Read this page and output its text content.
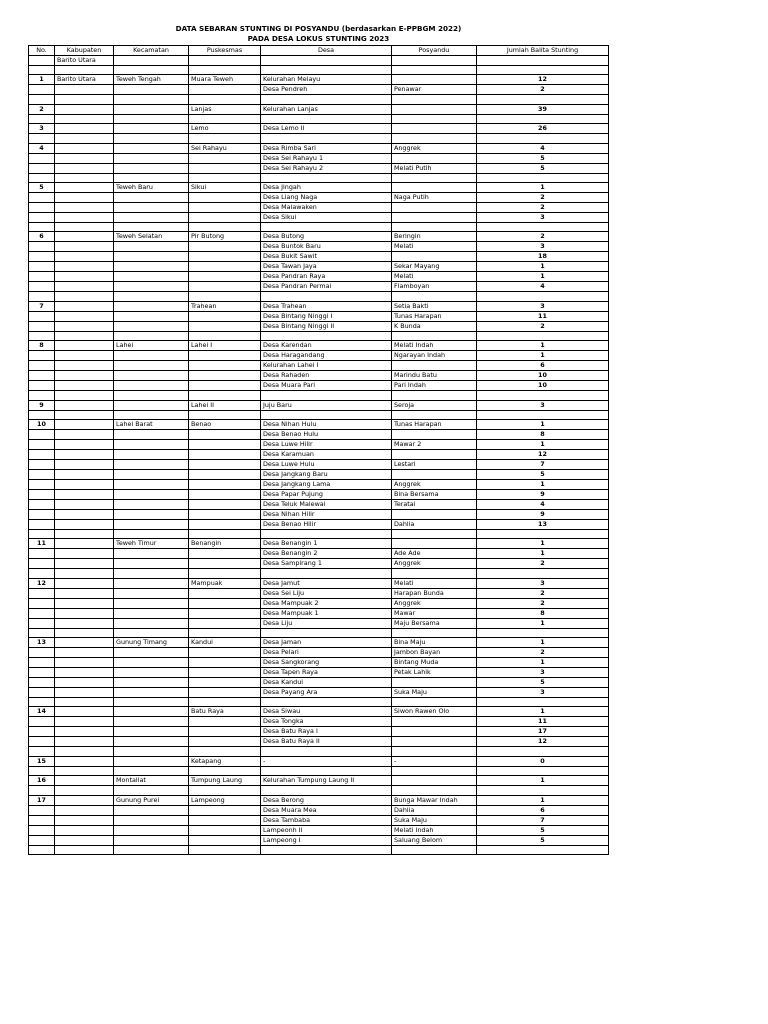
DATA SEBARAN STUNTING DI POSYANDU (berdasarkan E-PPBGM 2022)
PADA DESA LOKUS STUNTING 2023
No.	Kabupaten	Kecamatan	Puskesmas	Desa	Posyandu	Jumlah Balita Stunting
	Barito Utara					

1	Barito Utara	Teweh Tengah	Muara Teweh	Kelurahan Melayu		12
				Desa Pendreh	Penawar	2

2			Lanjas	Kelurahan Lanjas		39

3			Lemo	Desa Lemo II		26

4			Sei Rahayu	Desa Rimba Sari	Anggrek	4
				Desa Sei Rahayu 1		5
				Desa Sei Rahayu 2	Melati Putih	5

5		Teweh Baru	Sikui	Desa Jingah		1
				Desa Liang Naga	Naga Putih	2
				Desa Malawaken		2
				Desa Sikui		3

6		Teweh Selatan	Pir Butong	Desa Butong	Beringin	2
				Desa Buntok Baru	Melati	3
				Desa Bukit Sawit		18
				Desa Tawan Jaya	Sekar Mayang	1
				Desa Pandran Raya	Melati	1
				Desa Pandran Permai	Flamboyan	4

7			Trahean	Desa Trahean	Setia Bakti	3
				Desa Bintang Ninggi I	Tunas Harapan	11
				Desa Bintang Ninggi II	K Bunda	2

8		Lahei	Lahei I	Desa Karendan	Melati Indah	1
				Desa Haragandang	Ngarayan Indah	1
				Kelurahan Lahei I		6
				Desa Rahaden	Marindu Batu	10
				Desa Muara Pari	Pari Indah	10

9			Lahei II	Juju Baru	Seroja	3

10		Lahei Barat	Benao	Desa Nihan Hulu	Tunas Harapan	1
				Desa Benao Hulu		8
				Desa Luwe Hilir	Mawar 2	1
				Desa Karamuan		12
				Desa Luwe Hulu	Lestari	7
				Desa Jangkang Baru		5
				Desa Jangkang Lama	Anggrek	1
				Desa Papar Pujung	Bina Bersama	9
				Desa Teluk Malewai	Teratai	4
				Desa Nihan Hilir		9
				Desa Benao Hilir	Dahlia	13

11		Teweh Timur	Benangin	Desa Benangin 1		1
				Desa Benangin 2	Ade Ade	1
				Desa Sampirang 1	Anggrek	2

12			Mampuak	Desa Jamut	Melati	3
				Desa Sei Liju	Harapan Bunda	2
				Desa Mampuak 2	Anggrek	2
				Desa Mampuak 1	Mawar	8
				Desa Liju	Maju Bersama	1

13		Gunung Timang	Kandui	Desa Jaman	Bina Maju	1
				Desa Pelari	Jambon Bayan	2
				Desa Sangkorang	Bintang Muda	1
				Desa Tapen Raya	Petak Lahik	3
				Desa Kandui		5
				Desa Payang Ara	Suka Maju	3

14			Batu Raya	Desa Siwau	Siwon Rawen Olo	1
				Desa Tongka		11
				Desa Batu Raya I		17
				Desa Batu Raya II		12

15			Ketapang	-	-	0

16		Montallat	Tumpung Laung	Kelurahan Tumpung Laung II		1

17		Gunung Purei	Lampeong	Desa Berong	Bunga Mawar Indah	1
				Desa Muara Mea	Dahlia	6
				Desa Tambaba	Suka Maju	7
				Lampeonh II	Melati Indah	5
				Lampeong I	Saluang Belom	5
